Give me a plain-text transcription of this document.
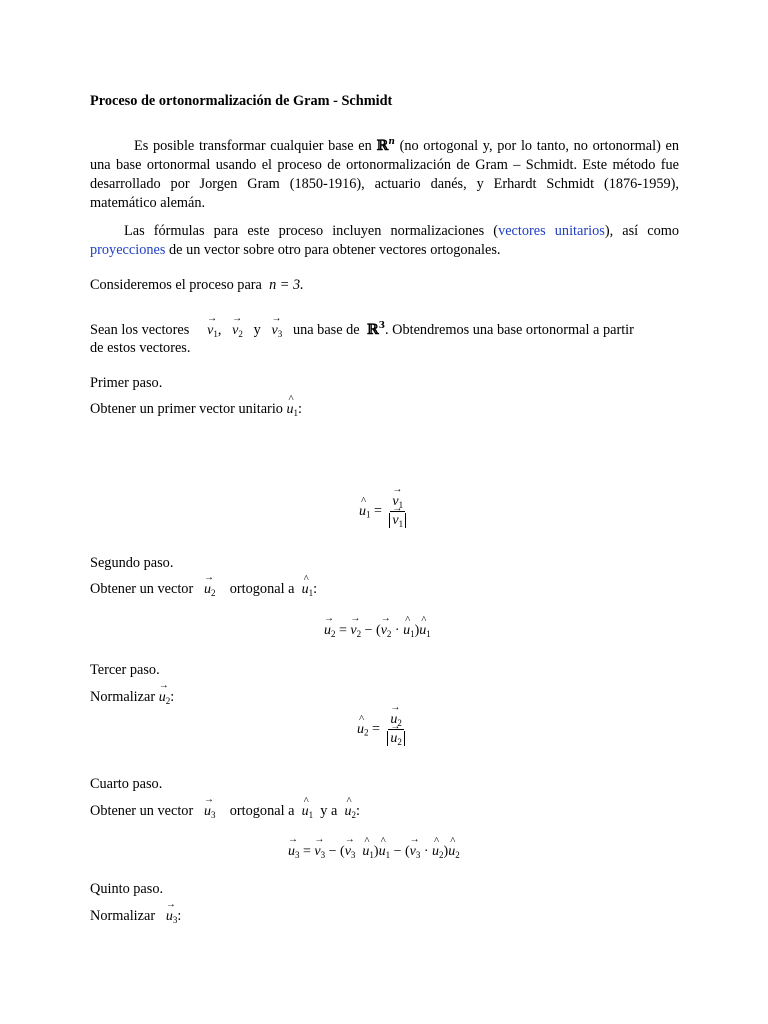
Proceso de ortonormalización de Gram - Schmidt
Es posible transformar cualquier base en ℝ$^n$ (no ortogonal y, por lo tanto, no ortonormal) en una base ortonormal usando el proceso de ortonormalización de Gram – Schmidt. Este método fue desarrollado por Jorgen Gram (1850-1916), actuario danés, y Erhardt Schmidt (1876-1959), matemático alemán.
Las fórmulas para este proceso incluyen normalizaciones (vectores unitarios), así como proyecciones de un vector sobre otro para obtener vectores ortogonales.
Consideremos el proceso para n = 3.
Sean los vectores → $v_1$, → $v_2$ $y \to v_3$ una base de ℝ$^3$. Obtendremos una base ortonormal a partir
de estos vectores.
Primer paso.
Obtener un primer vector unitario ^ $u_1$:
^ $u_1$ = → $v_1$
→ $v_1$
Segundo paso.
Obtener un vector → $u_2$ ortogonal a ^ $u_1$:
→ $u_2$ = → $v_2$ − (→ $v_2$ · ^ $u_1)\^{}$ $u_1$
Tercer paso.
Normalizar → $u_2$:
^ $u_2$ = → $u_2$
→ $u_2$
Cuarto paso.
Obtener un vector → $u_3$ ortogonal a ^ $u_1$ y a ^ $u_2$:
→ $u_3$ = → $v_3$ − (→ $v_3$ ^ $u_1)\^{}$ $u_1$ − (→ $v_3$ · ^ $u_2)\^{}$ $u_2$
Quinto paso.
Normalizar → $u_3$:
